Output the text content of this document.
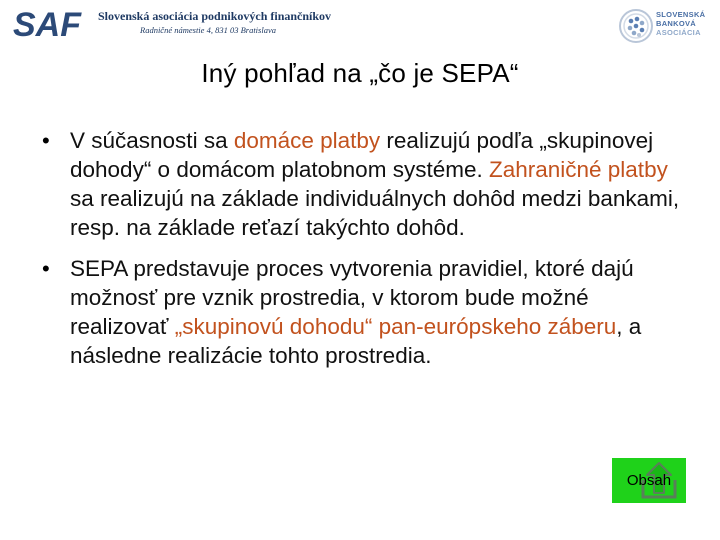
SAF Slovenská asociácia podnikových finančníkov
Radničné námestie 4, 831 03 Bratislava
SLOVENSKÁ
BANKOVÁ
ASOCIÁCIA
Iný pohľad na „čo je SEPA“
• V súčasnosti sa domáce platby realizujú podľa „skupinovej dohody“ o domácom platobnom systéme. Zahraničné platby sa realizujú na základe individuálnych dohôd medzi bankami, resp. na základe reťazí takýchto dohôd.

• SEPA predstavuje proces vytvorenia pravidiel, ktoré dajú možnosť pre vznik prostredia, v ktorom bude možné realizovať „skupinovú dohodu“ pan-európskeho záberu, a následne realizácie tohto prostredia.

Obsah
